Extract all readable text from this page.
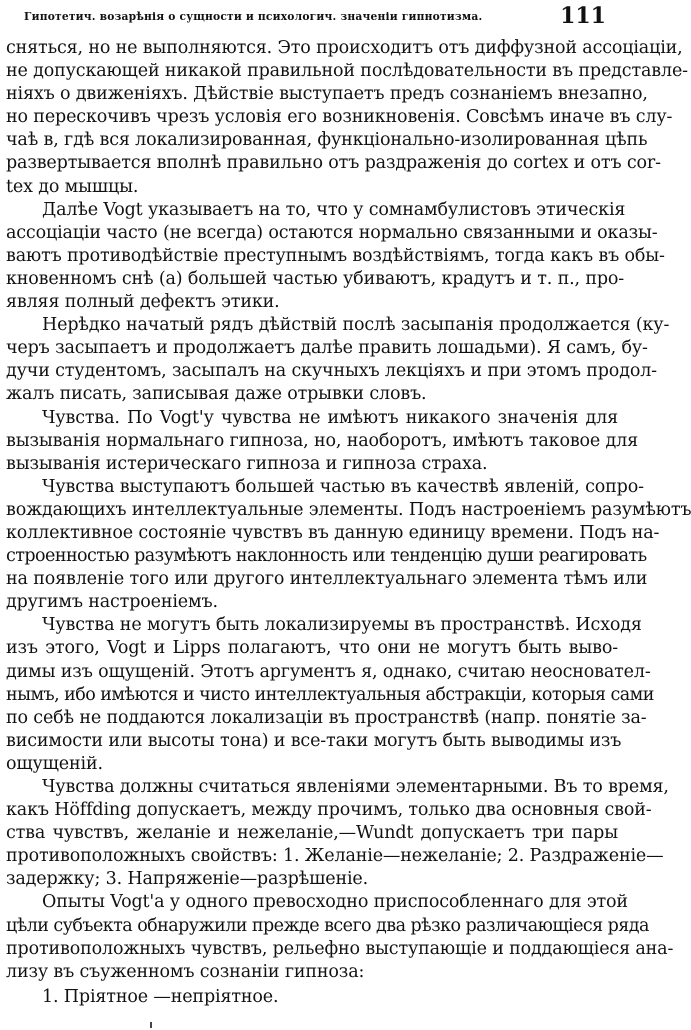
Гипотетич. возарѣнія о сущности и психологич. значеніи гипнотизма.	111
сняться, но не выполняются. Это происходитъ отъ диффузной ассоціаціи,
не допускающей никакой правильной послѣдовательности въ представле-
ніяхъ о движеніяхъ. Дѣйствіе выступаетъ предъ сознаніемъ внезапно,
но перескочивъ чрезъ условія его возникновенія. Совсѣмъ иначе въ слу-
чаѣ в, гдѣ вся локализированная, функціонально-изолированная цѣпь
развертывается вполнѣ правильно отъ раздраженія до cortex и отъ cor-
tex до мышцы.
Далѣе Vogt указываетъ на то, что у сомнамбулистовъ этическія
ассоціаціи часто (не всегда) остаются нормально связанными и оказы-
ваютъ противодѣйствіе преступнымъ воздѣйствіямъ, тогда какъ въ обы-
кновенномъ снѣ (а) большей частью убиваютъ, крадутъ и т. п., про-
являя полный дефектъ этики.
Нерѣдко начатый рядъ дѣйствій послѣ засыпанія продолжается (ку-
черъ засыпаетъ и продолжаетъ далѣе править лошадьми). Я самъ, бу-
дучи студентомъ, засыпалъ на скучныхъ лекціяхъ и при этомъ продол-
жалъ писать, записывая даже отрывки словъ.
Чувства. По Vogt'у чувства не имѣютъ никакого значенія для
вызыванія нормальнаго гипноза, но, наоборотъ, имѣютъ таковое для
вызыванія истерическаго гипноза и гипноза страха.
Чувства выступаютъ большей частью въ качествѣ явленій, сопро-
вождающихъ интеллектуальные элементы. Подъ настроеніемъ разумѣютъ
коллективное состояніе чувствъ въ данную единицу времени. Подъ на-
строенностью разумѣютъ наклонность или тенденцію души реагировать
на появленіе того или другого интеллектуальнаго элемента тѣмъ или
другимъ настроеніемъ.
Чувства не могутъ быть локализируемы въ пространствѣ. Исходя
изъ этого, Vogt и Lipps полагаютъ, что они не могутъ быть выво-
димы изъ ощущеній. Этотъ аргументъ я, однако, считаю неосновател-
нымъ, ибо имѣются и чисто интеллектуальныя абстракціи, которыя сами
по себѣ не поддаются локализаціи въ пространствѣ (напр. понятіе за-
висимости или высоты тона) и все-таки могутъ быть выводимы изъ
ощущеній.
Чувства должны считаться явленіями элементарными. Въ то время,
какъ Höffding допускаетъ, между прочимъ, только два основныя свой-
ства чувствъ, желаніе и нежеланіе,—Wundt допускаетъ три пары
противоположныхъ свойствъ: 1. Желаніе—нежеланіе; 2. Раздраженіе—
задержку; 3. Напряженіе—разрѣшеніе.
Опыты Vogt'а у одного превосходно приспособленнаго для этой
цѣли субъекта обнаружили прежде всего два рѣзко различающіеся ряда
противоположныхъ чувствъ, рельефно выступающіе и поддающіеся ана-
лизу въ съуженномъ сознаніи гипноза:
1. Пріятное —непріятное.
